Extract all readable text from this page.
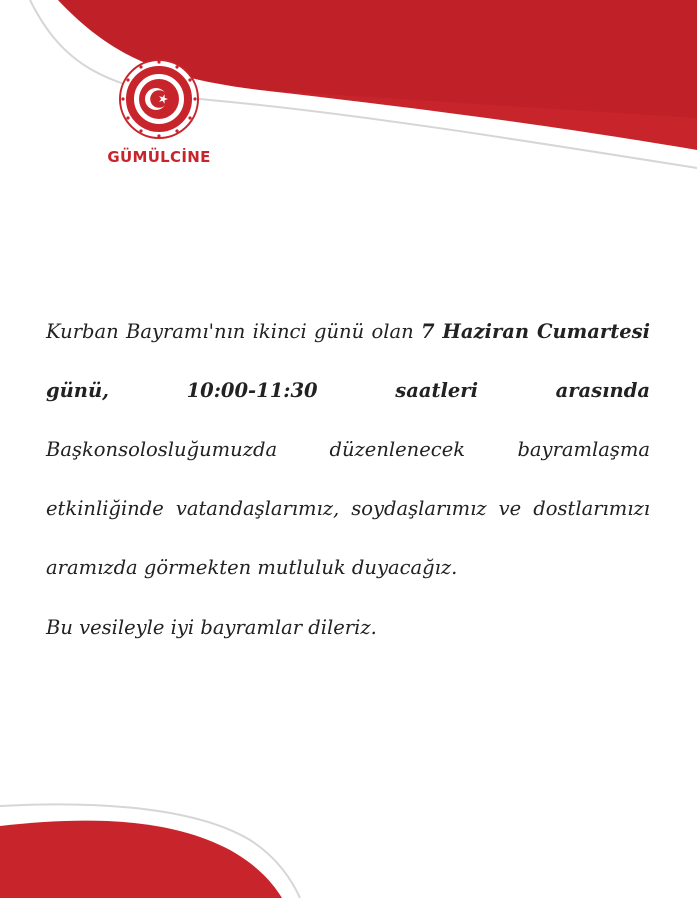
GÜMÜLCİNE

Kurban Bayramı'nın ikinci günü olan 7 Haziran Cumartesi günü, 10:00-11:30 saatleri arasında Başkonsolosluğumuzda düzenlenecek bayramlaşma etkinliğinde vatandaşlarımız, soydaşlarımız ve dostlarımızı aramızda görmekten mutluluk duyacağız.

Bu vesileyle iyi bayramlar dileriz.
